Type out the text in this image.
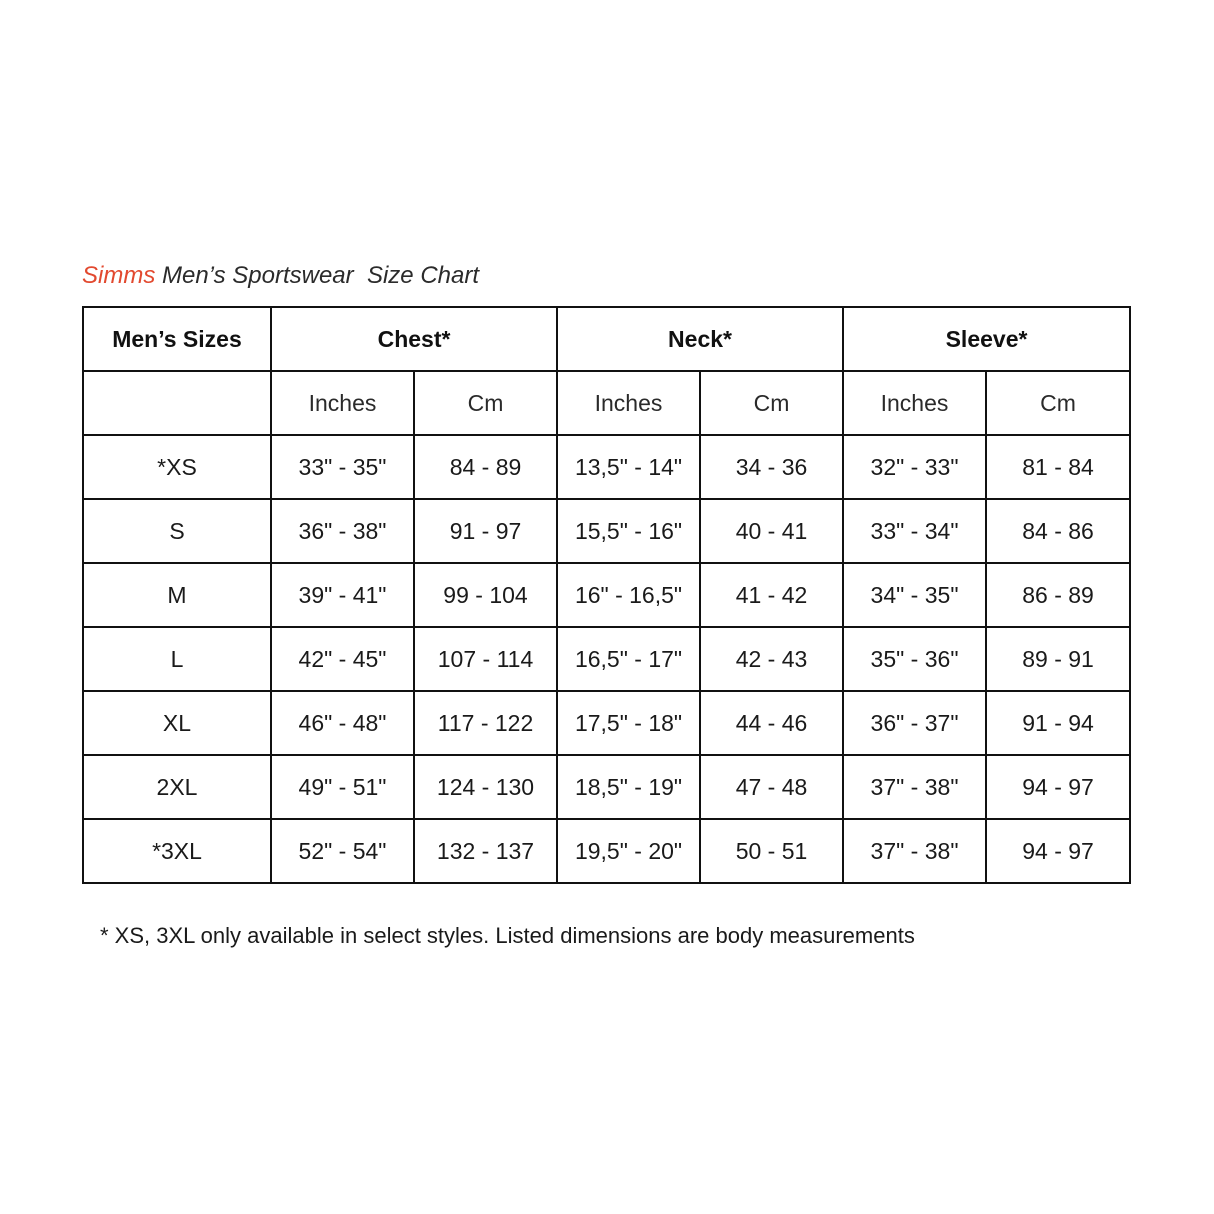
Simms Men’s Sportswear  Size Chart
Men’s Sizes	Chest*		Neck*		Sleeve*	
	Inches	Cm	Inches	Cm	Inches	Cm
*XS	33" - 35"	84 - 89	13,5" - 14"	34 - 36	32" - 33"	81 - 84
S	36" - 38"	91 - 97	15,5" - 16"	40 - 41	33" - 34"	84 - 86
M	39" - 41"	99 - 104	16" - 16,5"	41 - 42	34" - 35"	86 - 89
L	42" - 45"	107 - 114	16,5" - 17"	42 - 43	35" - 36"	89 - 91
XL	46" - 48"	117 - 122	17,5" - 18"	44 - 46	36" - 37"	91 - 94
2XL	49" - 51"	124 - 130	18,5" - 19"	47 - 48	37" - 38"	94 - 97
*3XL	52" - 54"	132 - 137	19,5" - 20"	50 - 51	37" - 38"	94 - 97
* XS, 3XL only available in select styles. Listed dimensions are body measurements
